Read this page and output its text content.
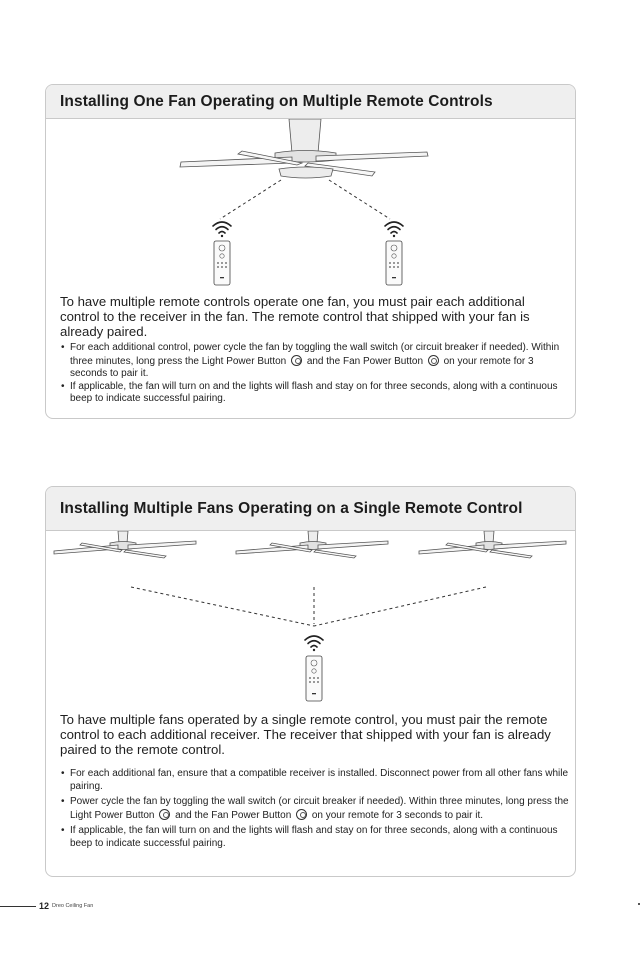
Installing One Fan Operating on Multiple Remote Controls

To have multiple remote controls operate one fan, you must pair each additional control to the receiver in the fan. The remote control that shipped with your fan is already paired.

• For each additional control, power cycle the fan by toggling the wall switch (or circuit breaker if needed). Within three minutes, long press the Light Power Button and the Fan Power Button on your remote for 3 seconds to pair it.
• If applicable, the fan will turn on and the lights will flash and stay on for three seconds, along with a continuous beep to indicate successful pairing.
Installing Multiple Fans Operating on a Single Remote Control

To have multiple fans operated by a single remote control, you must pair the remote control to each additional receiver. The receiver that shipped with your fan is already paired to the remote control.

• For each additional fan, ensure that a compatible receiver is installed. Disconnect power from all other fans while pairing.
• Power cycle the fan by toggling the wall switch (or circuit breaker if needed). Within three minutes, long press the Light Power Button and the Fan Power Button on your remote for 3 seconds to pair it.
• If applicable, the fan will turn on and the lights will flash and stay on for three seconds, along with a continuous beep to indicate successful pairing.
12 Dreo Ceiling Fan
